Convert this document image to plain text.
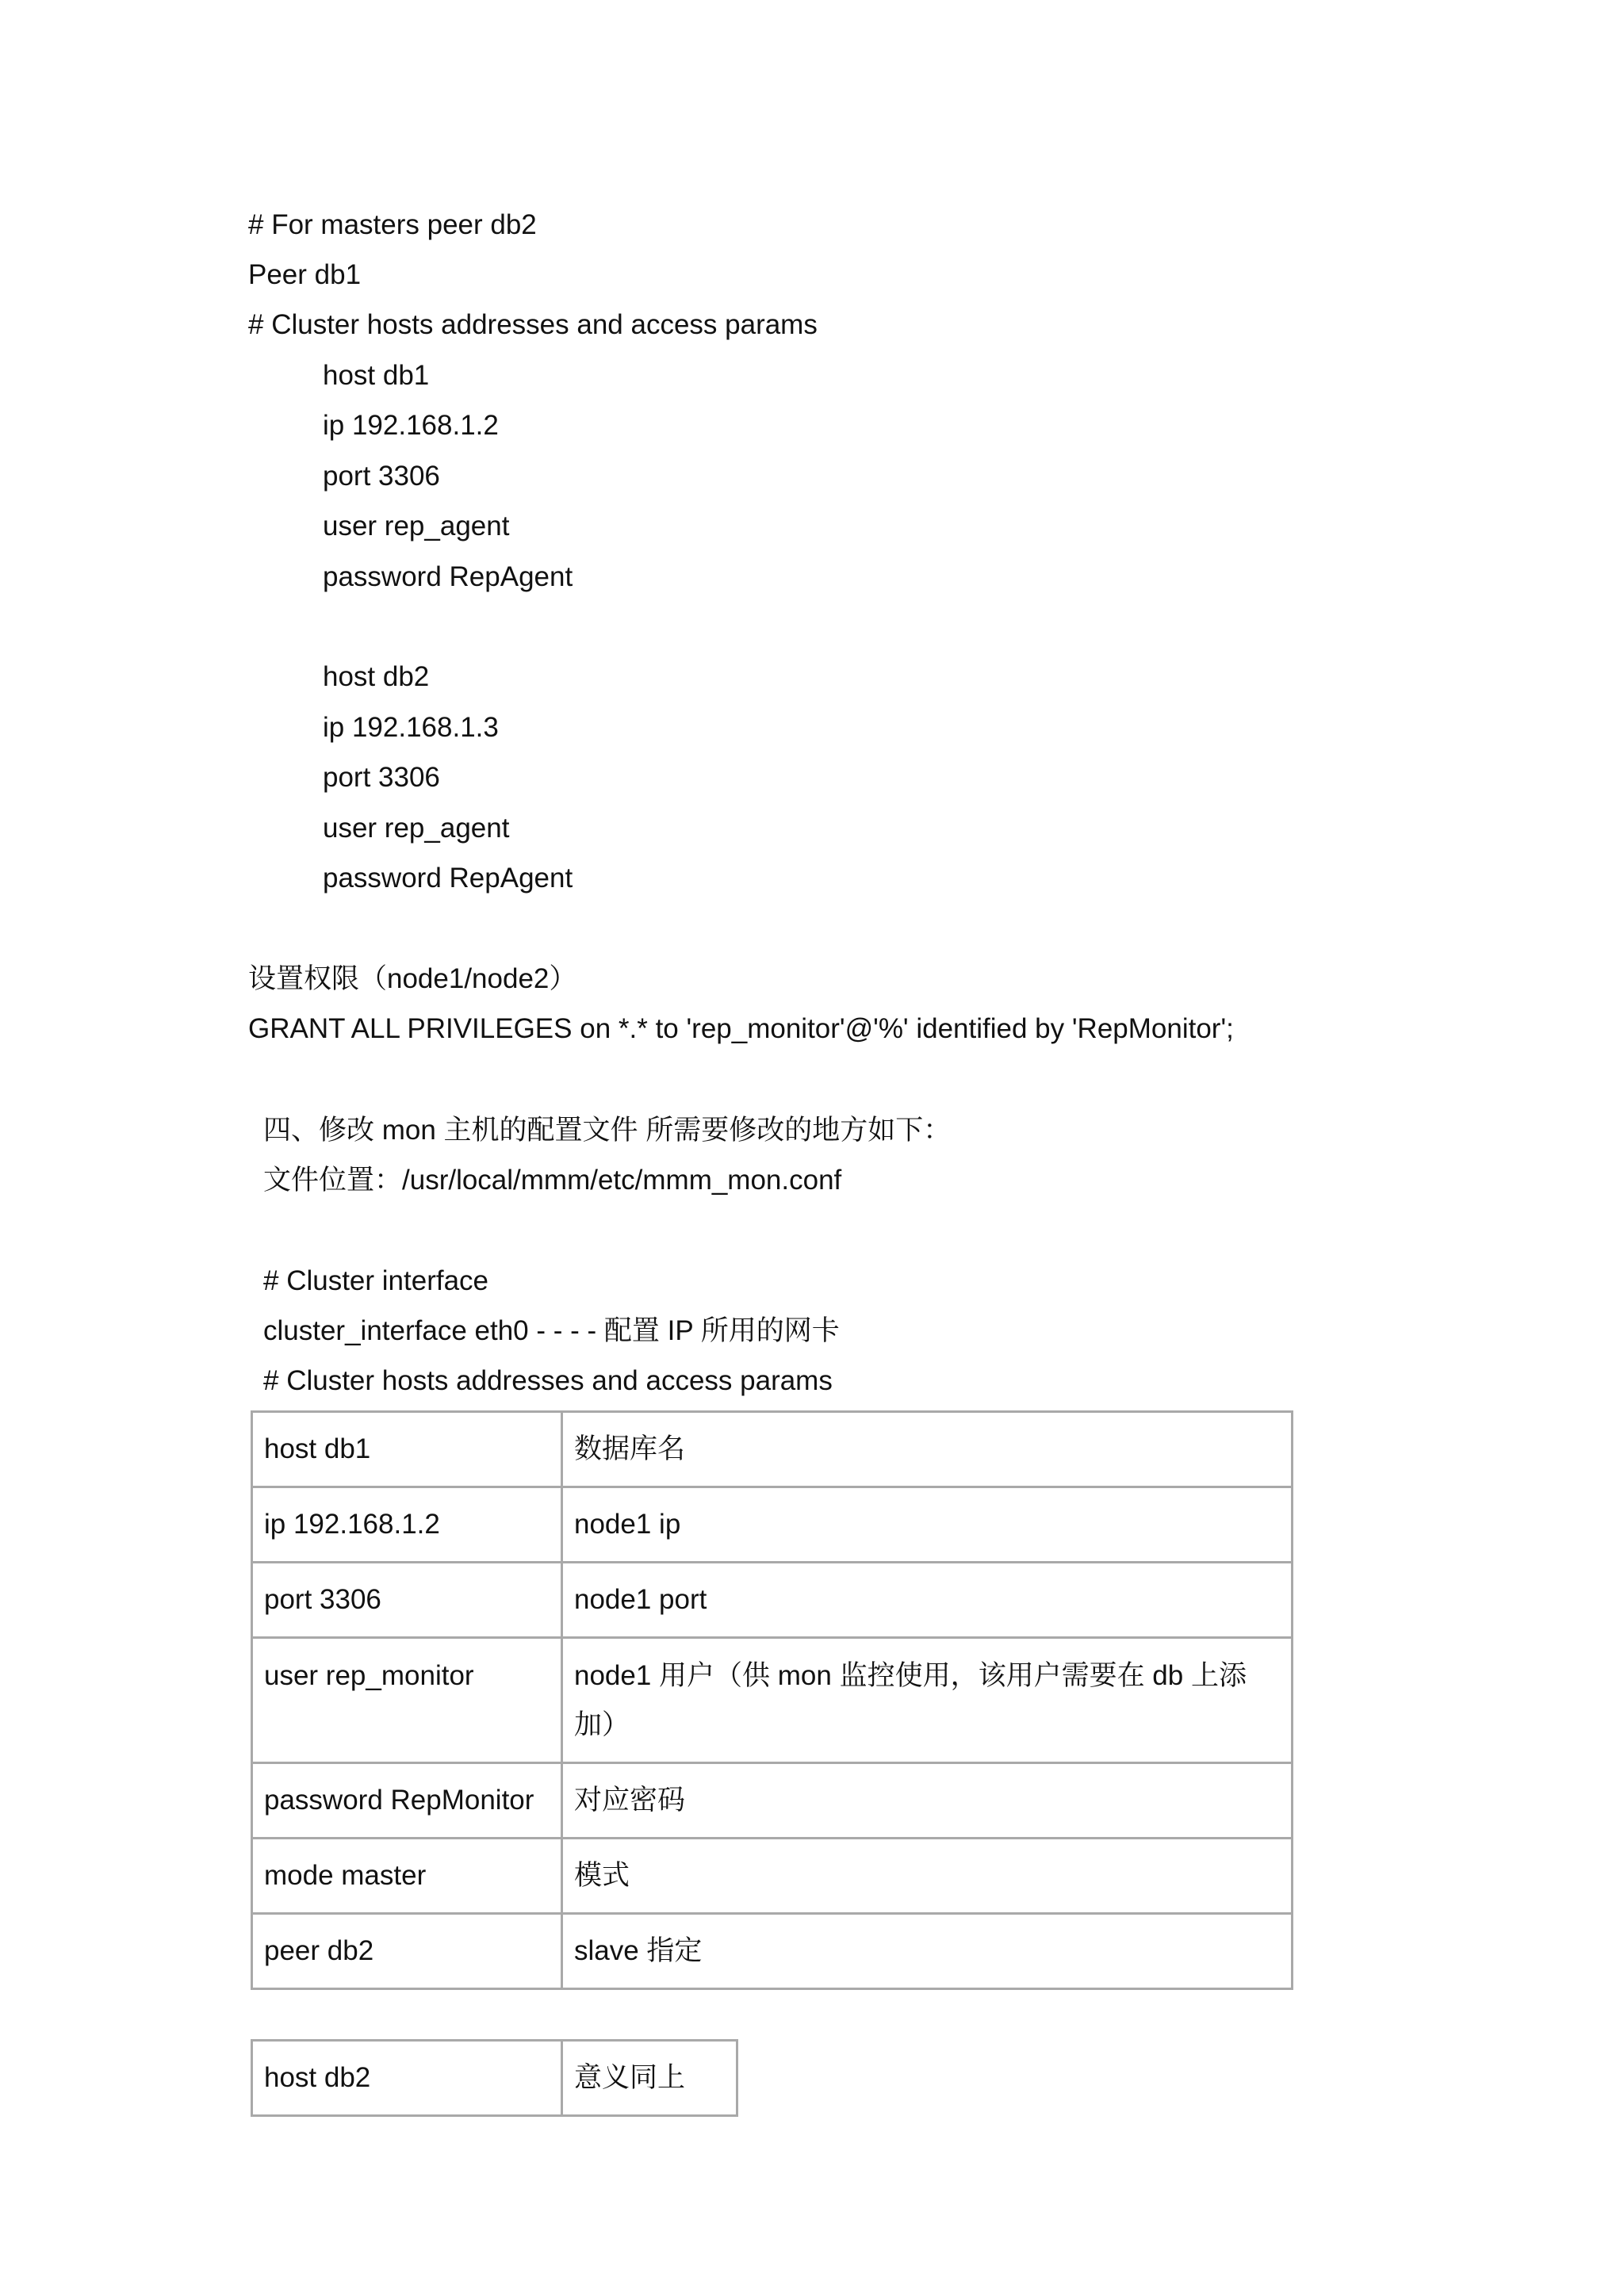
# For masters peer db2

Peer db1

# Cluster hosts addresses and access params

host db1

ip 192.168.1.2

port 3306

user rep_agent

password RepAgent

host db2

ip 192.168.1.3

port 3306

user rep_agent

password RepAgent

设置权限（node1/node2）

GRANT ALL PRIVILEGES on *.* to 'rep_monitor'@'%' identified by 'RepMonitor';

四、修改 mon 主机的配置文件 所需要修改的地方如下：

文件位置：/usr/local/mmm/etc/mmm_mon.conf

# Cluster interface

cluster_interface eth0 - - - - 配置 IP 所用的网卡

# Cluster hosts addresses and access params

host db1	数据库名
ip 192.168.1.2	node1 ip
port 3306	node1 port
user rep_monitor	node1 用户（供 mon 监控使用，该用户需要在 db 上添加）
password RepMonitor	对应密码
mode master	模式
peer db2	slave 指定
host db2	意义同上
